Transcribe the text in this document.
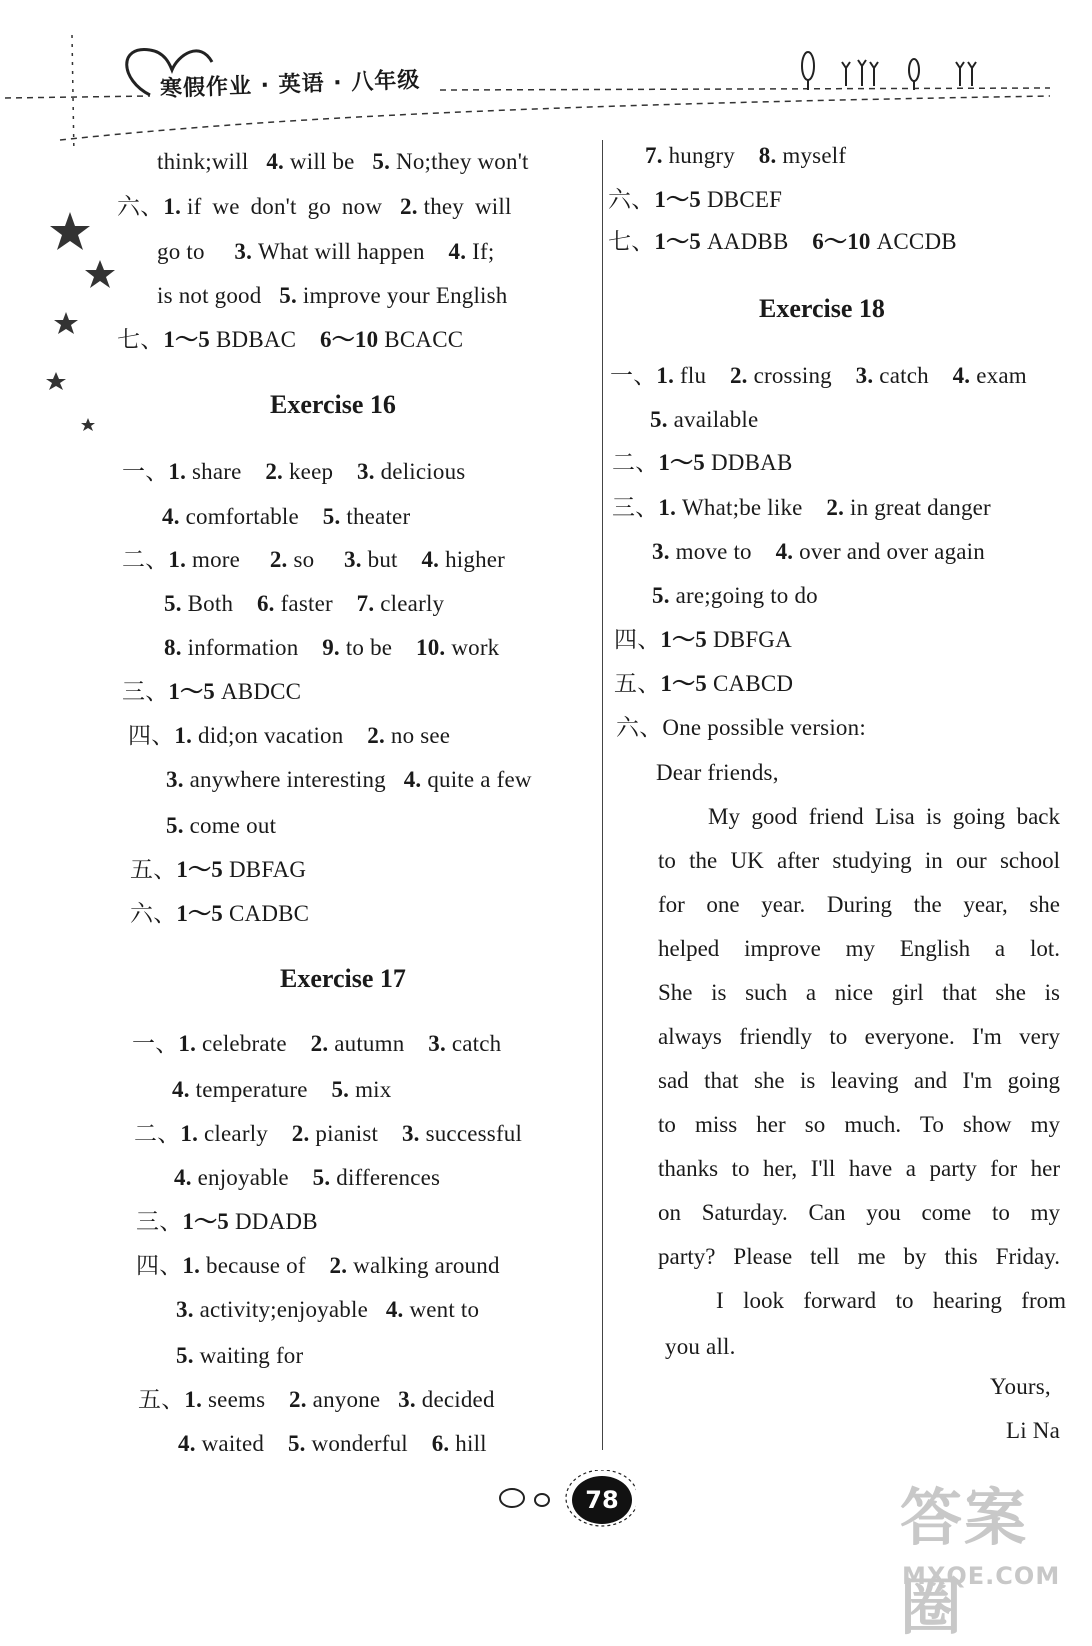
寒假作业 · 英语 · 八年级
think;will 4. will be 5. No;they won't
六、1. if we don't go now 2. they will
go to 3. What will happen 4. If;
is not good 5. improve your English
七、1～5 BDBAC 6～10 BCACC
Exercise 16
一、1. share 2. keep 3. delicious
4. comfortable 5. theater
二、1. more 2. so 3. but 4. higher
5. Both 6. faster 7. clearly
8. information 9. to be 10. work
三、1～5 ABDCC
四、1. did;on vacation 2. no see
3. anywhere interesting 4. quite a few
5. come out
五、1～5 DBFAG
六、1～5 CADBC
Exercise 17
一、1. celebrate 2. autumn 3. catch
4. temperature 5. mix
二、1. clearly 2. pianist 3. successful
4. enjoyable 5. differences
三、1～5 DDADB
四、1. because of 2. walking around
3. activity;enjoyable 4. went to
5. waiting for
五、1. seems 2. anyone 3. decided
4. waited 5. wonderful 6. hill
7. hungry 8. myself
六、1～5 DBCEF
七、1～5 AADBB 6～10 ACCDB
Exercise 18
一、1. flu 2. crossing 3. catch 4. exam
5. available
二、1～5 DDBAB
三、1. What;be like 2. in great danger
3. move to 4. over and over again
5. are;going to do
四、1～5 DBFGA
五、1～5 CABCD
六、One possible version:
Dear friends,
My good friend Lisa is going back
to the UK after studying in our school
for one year. During the year, she
helped improve my English a lot.
She is such a nice girl that she is
always friendly to everyone. I'm very
sad that she is leaving and I'm going
to miss her so much. To show my
thanks to her, I'll have a party for her
on Saturday. Can you come to my
party? Please tell me by this Friday.
I look forward to hearing from
you all.
Yours,
Li Na
78	答案圈
MXQE.COM
